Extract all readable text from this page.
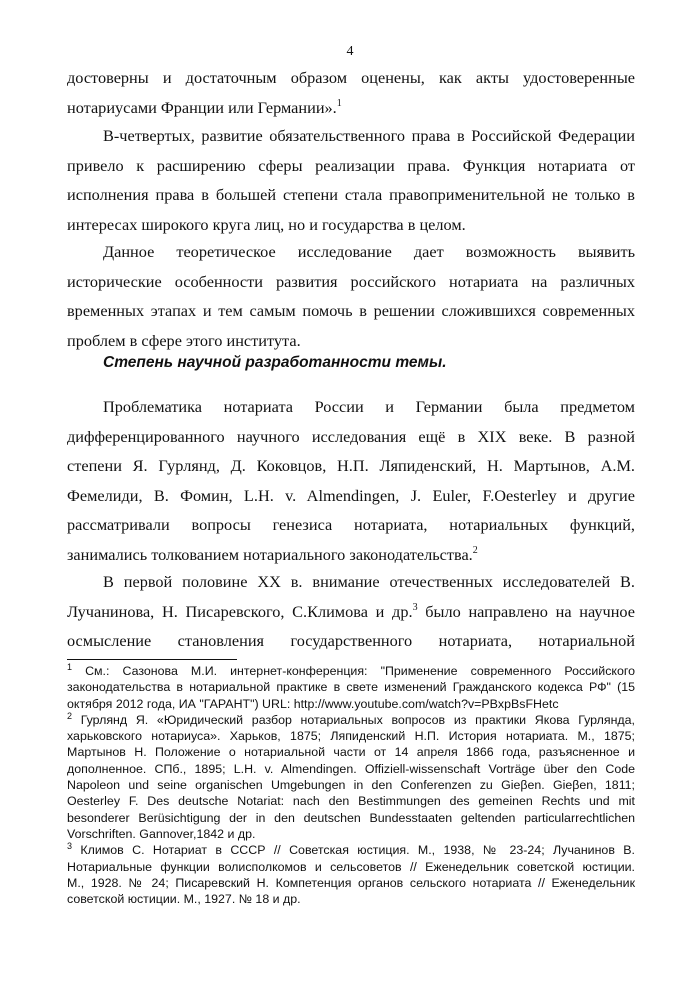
4
достоверны и достаточным образом оценены, как акты удостоверенные
нотариусами Франции или Германии».$^1$
В-четвертых, развитие обязательственного права в Российской Федерации
привело к расширению сферы реализации права. Функция нотариата от
исполнения права в большей степени стала правоприменительной не только в
интересах широкого круга лиц, но и государства в целом.
Данное теоретическое исследование дает возможность выявить
исторические особенности развития российского нотариата на различных
временных этапах и тем самым помочь в решении сложившихся современных
проблем в сфере этого института.
Степень научной разработанности темы.
Проблематика нотариата России и Германии была предметом
дифференцированного научного исследования ещё в XIX веке. В разной
степени Я. Гурлянд, Д. Коковцов, Н.П. Ляпиденский, Н. Мартынов, А.М.
Фемелиди, В. Фомин, L.H. v. Almendingen, J. Euler, F.Oesterley и другие
рассматривали вопросы генезиса нотариата, нотариальных функций,
занимались толкованием нотариального законодательства.$^2$
В первой половине XX в. внимание отечественных исследователей В.
Лучанинова, Н. Писаревского, С.Климова и др.$^3$ было направлено на научное
осмысление становления государственного нотариата, нотариальной
$^1$ См.: Сазонова М.И. интернет-конференция: "Применение современного Российского
законодательства в нотариальной практике в свете изменений Гражданского кодекса РФ" (15
октября 2012 года, ИА "ГАРАНТ") URL: http://www.youtube.com/watch?v=PBxpBsFHetc
$^2$ Гурлянд Я. «Юридический разбор нотариальных вопросов из практики Якова Гурлянда,
харьковского нотариуса». Харьков, 1875; Ляпиденский Н.П. История нотариата. М., 1875;
Мартынов Н. Положение о нотариальной части от 14 апреля 1866 года, разъясненное и
дополненное. СПб., 1895; L.H. v. Almendingen. Offiziell-wissenschaft Vorträge über den Code
Napoleon und seine organischen Umgebungen in den Conferenzen zu Gieβen. Gieβen, 1811;
Oesterley F. Des deutsche Notariat: nach den Bestimmungen des gemeinen Rechts und mit
besonderer Berüsichtigung der in den deutschen Bundesstaaten geltenden particularrechtlichen
Vorschriften. Gannover,1842 и др.
$^3$ Климов С. Нотариат в СССР // Советская юстиция. М., 1938, № 23-24; Лучанинов В.
Нотариальные функции волисполкомов и сельсоветов // Еженедельник советской юстиции.
М., 1928. № 24; Писаревский Н. Компетенция органов сельского нотариата // Еженедельник
советской юстиции. М., 1927. № 18 и др.
